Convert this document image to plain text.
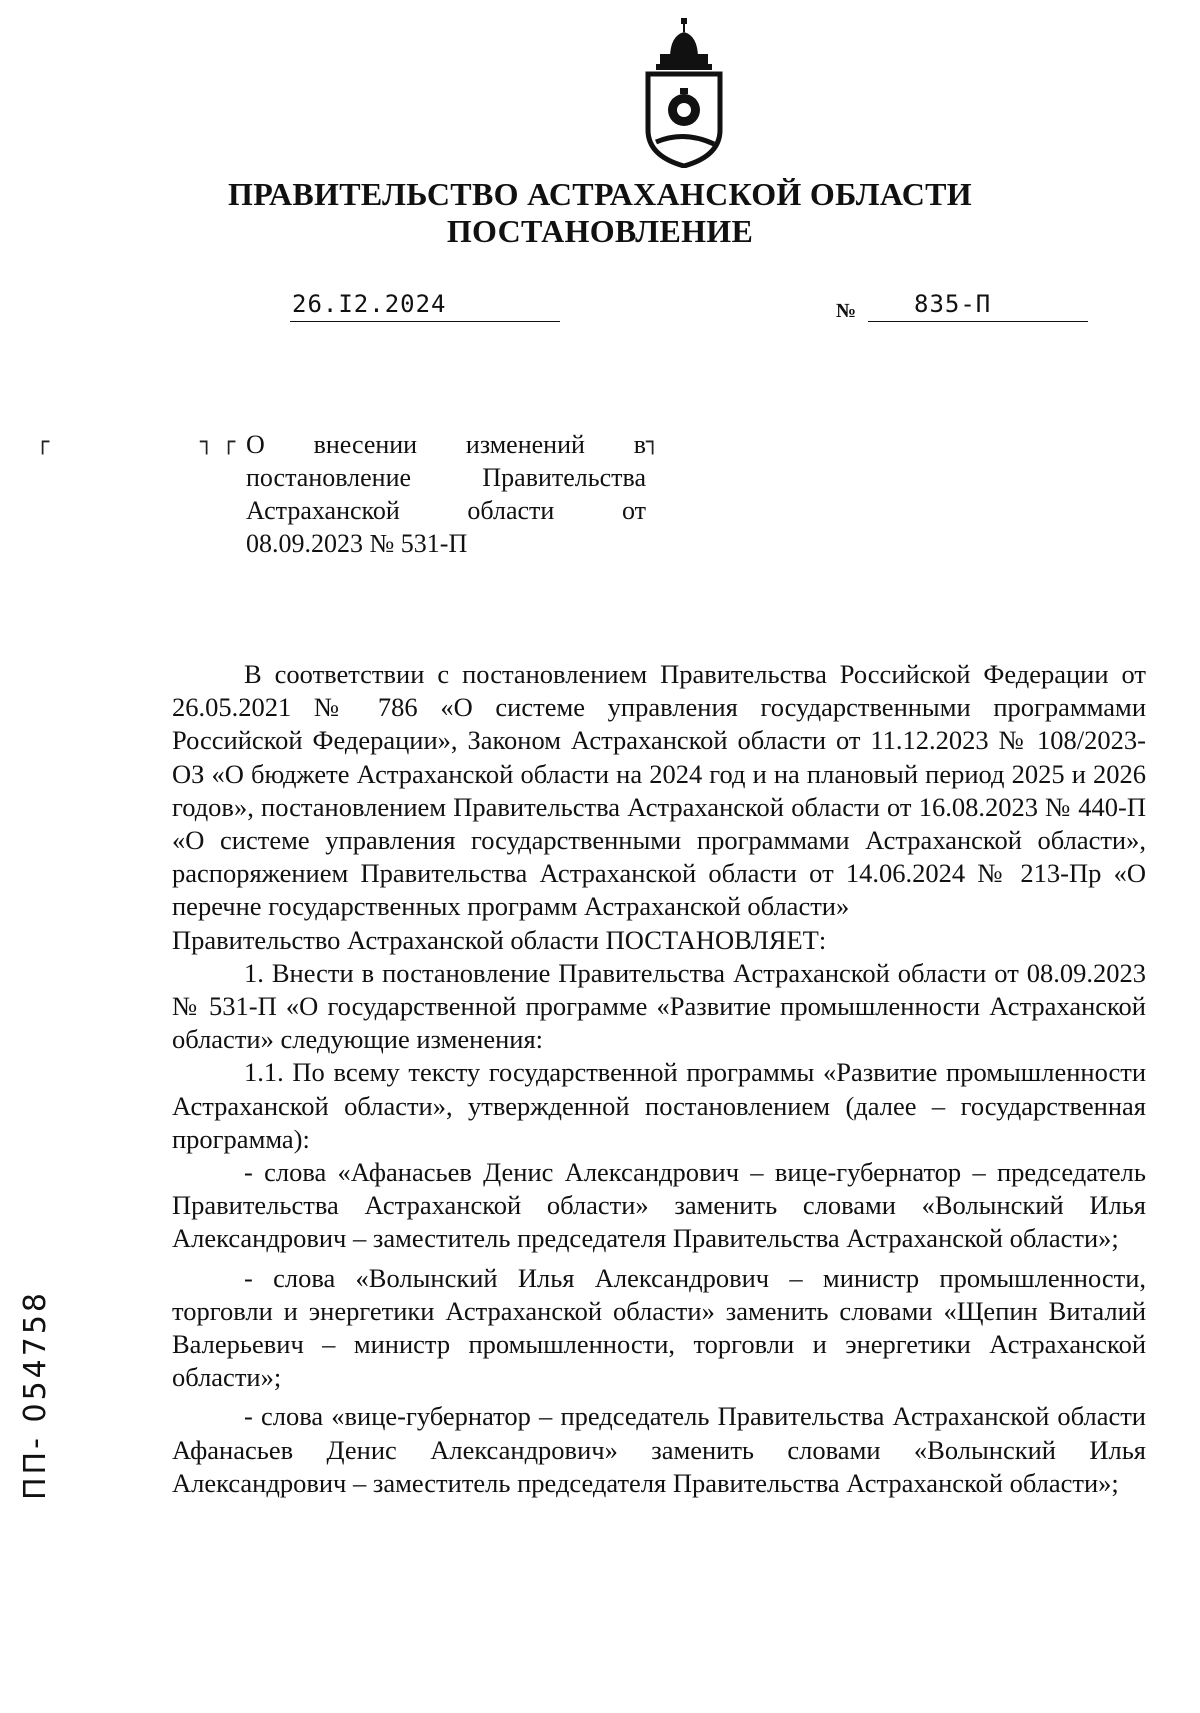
ПРАВИТЕЛЬСТВО АСТРАХАНСКОЙ ОБЛАСТИ
ПОСТАНОВЛЕНИЕ
26.I2.2024	№ 835-П
┌	┐ ┌	┐
О внесении изменений в постановление Правительства Астраханской области от 08.09.2023 № 531-П

В соответствии с постановлением Правительства Российской Федерации от 26.05.2021 № 786 «О системе управления государственными программами Российской Федерации», Законом Астраханской области от 11.12.2023 № 108/2023-ОЗ «О бюджете Астраханской области на 2024 год и на плановый период 2025 и 2026 годов», постановлением Правительства Астраханской области от 16.08.2023 № 440-П «О системе управления государственными программами Астраханской области», распоряжением Правительства Астраханской области от 14.06.2024 № 213-Пр «О перечне государственных программ Астраханской области»

Правительство Астраханской области ПОСТАНОВЛЯЕТ:

1. Внести в постановление Правительства Астраханской области от 08.09.2023 № 531-П «О государственной программе «Развитие промышленности Астраханской области» следующие изменения:

1.1. По всему тексту государственной программы «Развитие промышленности Астраханской области», утвержденной постановлением (далее – государственная программа):

- слова «Афанасьев Денис Александрович – вице-губернатор – председатель Правительства Астраханской области» заменить словами «Волынский Илья Александрович – заместитель председателя Правительства Астраханской области»;

- слова «Волынский Илья Александрович – министр промышленности, торговли и энергетики Астраханской области» заменить словами «Щепин Виталий Валерьевич – министр промышленности, торговли и энергетики Астраханской области»;

- слова «вице-губернатор – председатель Правительства Астраханской области Афанасьев Денис Александрович» заменить словами «Волынский Илья Александрович – заместитель председателя Правительства Астраханской области»;

ПП- 054758
